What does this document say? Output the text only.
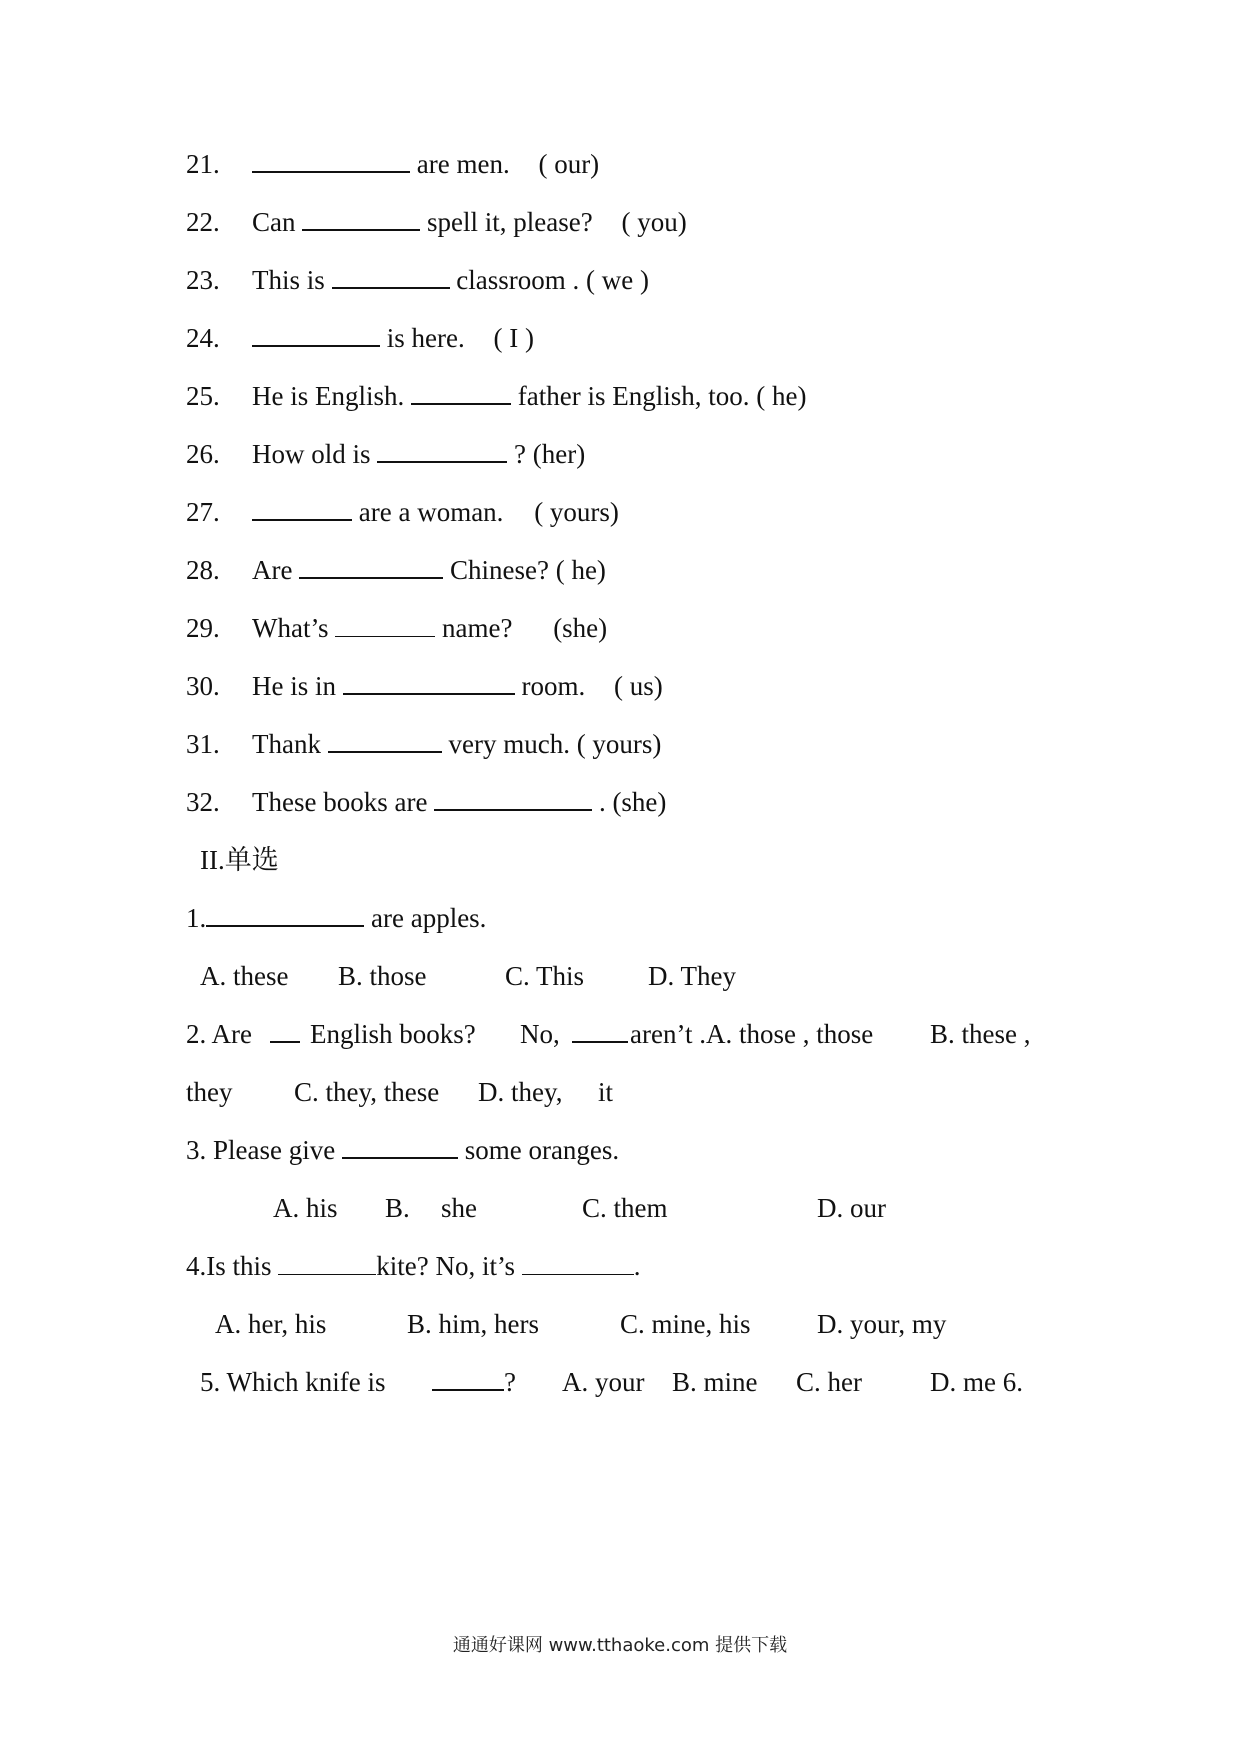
21.	are men. ( our)
22. Can	spell it, please? ( you)
23. This is	classroom . ( we )
24.	is here. ( I )
25. He is English.	father is English, too. ( he)
26. How old is	? (her)
27.	are a woman. ( yours)
28. Are	Chinese? ( he)
29. What’s	name? (she)
30. He is in	room. ( us)
31. Thank	very much. ( yours)
32. These books are	. (she)
II.单选
1.	are apples.
A. these B. those	C. This D. They
2. Are English books? No,	aren’t .A. those , those B. these ,
they C. they, these D. they, it
3. Please give	some oranges.
A. his B. she	C. them	D. our
4.Is this	kite? No, it’s	.
A. her, his	B. him, hers	C. mine, his D. your, my
5. Which knife is	? A. your B. mine C. her	D. me 6.
通通好课网 www.tthaoke.com 提供下载
